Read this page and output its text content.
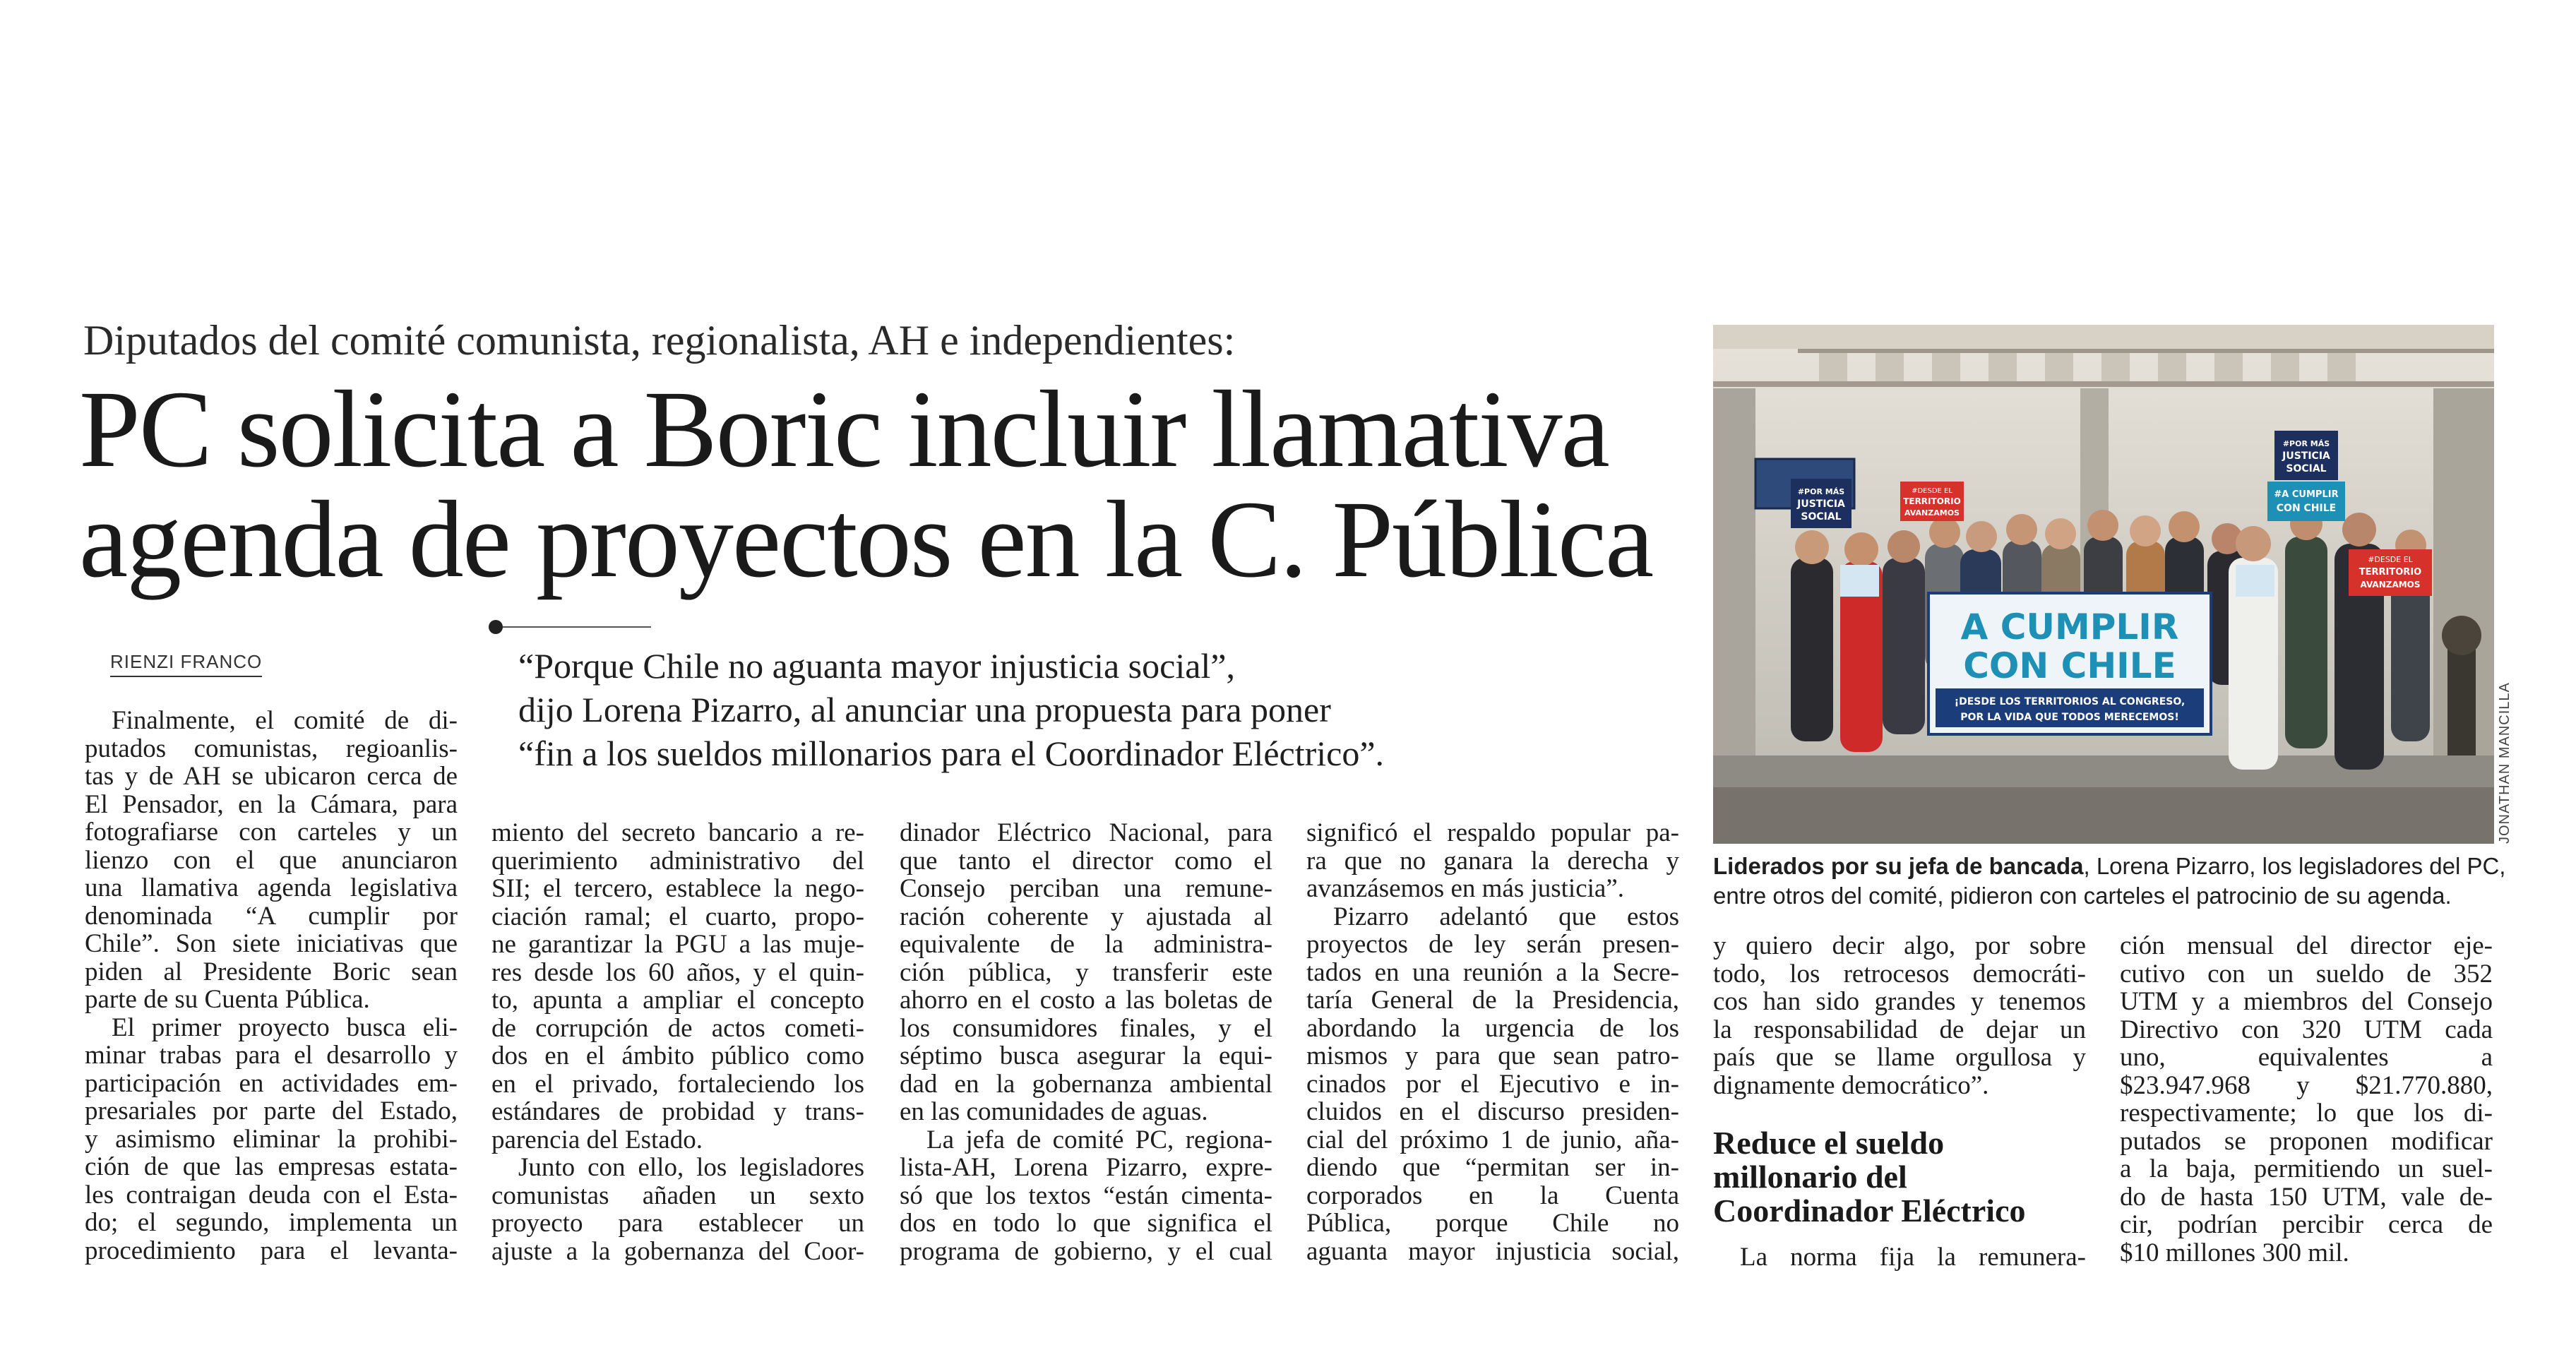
Diputados del comité comunista, regionalista, AH e independientes:
PC solicita a Boric incluir llamativa
agenda de proyectos en la C. Pública
RIENZI FRANCO	“Porque Chile no aguanta mayor injusticia social”,
dijo Lorena Pizarro, al anunciar una propuesta para poner
“fin a los sueldos millonarios para el Coordinador Eléctrico”.

Finalmente, el comité de di-

putados comunistas, regioanlis-

tas y de AH se ubicaron cerca de

El Pensador, en la Cámara, para

fotografiarse con carteles y un

lienzo con el que anunciaron

una llamativa agenda legislativa

denominada “A cumplir por

Chile”. Son siete iniciativas que

piden al Presidente Boric sean

parte de su Cuenta Pública.

El primer proyecto busca eli-

minar trabas para el desarrollo y

participación en actividades em-

presariales por parte del Estado,

y asimismo eliminar la prohibi-

ción de que las empresas estata-

les contraigan deuda con el Esta-

do; el segundo, implementa un

procedimiento para el levanta-

miento del secreto bancario a re-

querimiento administrativo del

SII; el tercero, establece la nego-

ciación ramal; el cuarto, propo-

ne garantizar la PGU a las muje-

res desde los 60 años, y el quin-

to, apunta a ampliar el concepto

de corrupción de actos cometi-

dos en el ámbito público como

en el privado, fortaleciendo los

estándares de probidad y trans-

parencia del Estado.

Junto con ello, los legisladores

comunistas añaden un sexto

proyecto para establecer un

ajuste a la gobernanza del Coor-

dinador Eléctrico Nacional, para

que tanto el director como el

Consejo perciban una remune-

ración coherente y ajustada al

equivalente de la administra-

ción pública, y transferir este

ahorro en el costo a las boletas de

los consumidores finales, y el

séptimo busca asegurar la equi-

dad en la gobernanza ambiental

en las comunidades de aguas.

La jefa de comité PC, regiona-

lista-AH, Lorena Pizarro, expre-

só que los textos “están cimenta-

dos en todo lo que significa el

programa de gobierno, y el cual

significó el respaldo popular pa-

ra que no ganara la derecha y

avanzásemos en más justicia”.

Pizarro adelantó que estos

proyectos de ley serán presen-

tados en una reunión a la Secre-

taría General de la Presidencia,

abordando la urgencia de los

mismos y para que sean patro-

cinados por el Ejecutivo e in-

cluidos en el discurso presiden-

cial del próximo 1 de junio, aña-

diendo que “permitan ser in-

corporados en la Cuenta

Pública, porque Chile no

aguanta mayor injusticia social,

y quiero decir algo, por sobre

todo, los retrocesos democráti-

cos han sido grandes y tenemos

la responsabilidad de dejar un

país que se llame orgullosa y

dignamente democrático”.

Reduce el sueldo
millonario del
Coordinador Eléctrico

La norma fija la remunera-

ción mensual del director eje-

cutivo con un sueldo de 352

UTM y a miembros del Consejo

Directivo con 320 UTM cada

uno, equivalentes a

$23.947.968 y $21.770.880,

respectivamente; lo que los di-

putados se proponen modificar

a la baja, permitiendo un suel-

do de hasta 150 UTM, vale de-

cir, podrían percibir cerca de

$10 millones 300 mil.

#POR MÁS
JUSTICIA
SOCIAL
#DESDE EL
TERRITORIO
AVANZAMOS
#POR MÁS
JUSTICIA
SOCIAL
#A CUMPLIR
CON CHILE
#DESDE EL
TERRITORIO
AVANZAMOS
A CUMPLIR
CON CHILE
¡DESDE LOS TERRITORIOS AL CONGRESO,
POR LA VIDA QUE TODOS MERECEMOS!	JONATHAN MANCILLA
Liderados por su jefa de bancada, Lorena Pizarro, los legisladores del PC,
entre otros del comité, pidieron con carteles el patrocinio de su agenda.
